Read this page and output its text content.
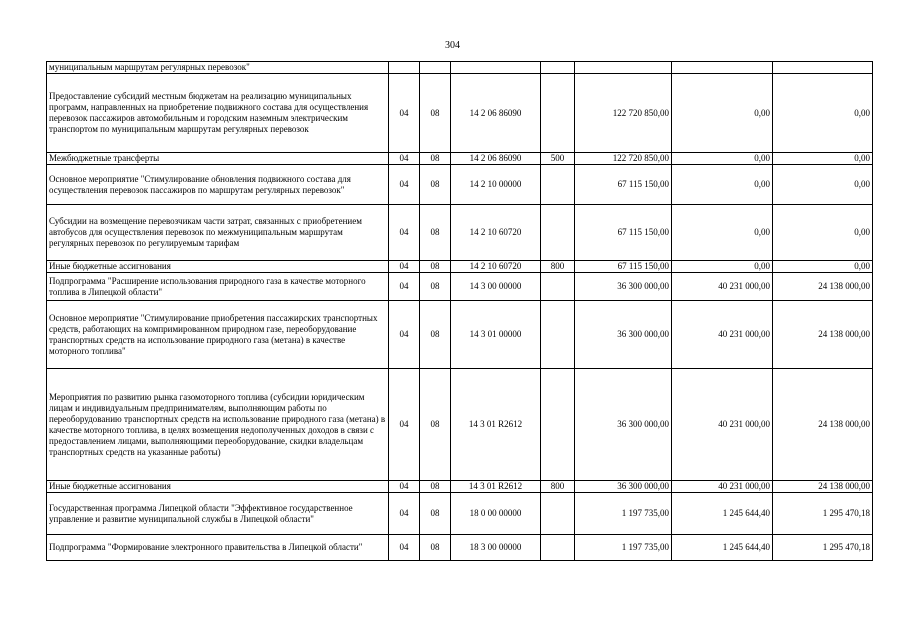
304
муниципальным маршрутам регулярных перевозок"							
Предоставление субсидий местным бюджетам на реализацию муниципальных программ, направленных на приобретение подвижного состава для осуществления перевозок пассажиров автомобильным и городским наземным электрическим транспортом по муниципальным маршрутам регулярных перевозок	04	08	14 2 06 86090		122 720 850,00	0,00	0,00
Межбюджетные трансферты	04	08	14 2 06 86090	500	122 720 850,00	0,00	0,00
Основное мероприятие "Стимулирование обновления подвижного состава для осуществления перевозок пассажиров по маршрутам регулярных перевозок"	04	08	14 2 10 00000		67 115 150,00	0,00	0,00
Субсидии на возмещение перевозчикам части затрат, связанных с приобретением автобусов для осуществления перевозок по межмуниципальным маршрутам регулярных перевозок по регулируемым тарифам	04	08	14 2 10 60720		67 115 150,00	0,00	0,00
Иные бюджетные ассигнования	04	08	14 2 10 60720	800	67 115 150,00	0,00	0,00
Подпрограмма "Расширение использования природного газа в качестве моторного топлива в Липецкой области"	04	08	14 3 00 00000		36 300 000,00	40 231 000,00	24 138 000,00
Основное мероприятие "Стимулирование приобретения пассажирских транспортных средств, работающих на компримированном природном газе, переоборудование транспортных средств на использование природного газа (метана) в качестве моторного топлива"	04	08	14 3 01 00000		36 300 000,00	40 231 000,00	24 138 000,00
Мероприятия по развитию рынка газомоторного топлива (субсидии юридическим лицам и индивидуальным предпринимателям, выполняющим работы по переоборудованию транспортных средств на использование природного газа (метана) в качестве моторного топлива, в целях возмещения недополученных доходов в связи с предоставлением лицами, выполняющими переоборудование, скидки владельцам транспортных средств на указанные работы)	04	08	14 3 01 R2612		36 300 000,00	40 231 000,00	24 138 000,00
Иные бюджетные ассигнования	04	08	14 3 01 R2612	800	36 300 000,00	40 231 000,00	24 138 000,00
Государственная программа Липецкой области "Эффективное государственное управление и развитие муниципальной службы в Липецкой области"	04	08	18 0 00 00000		1 197 735,00	1 245 644,40	1 295 470,18
Подпрограмма "Формирование электронного правительства в Липецкой области"	04	08	18 3 00 00000		1 197 735,00	1 245 644,40	1 295 470,18
